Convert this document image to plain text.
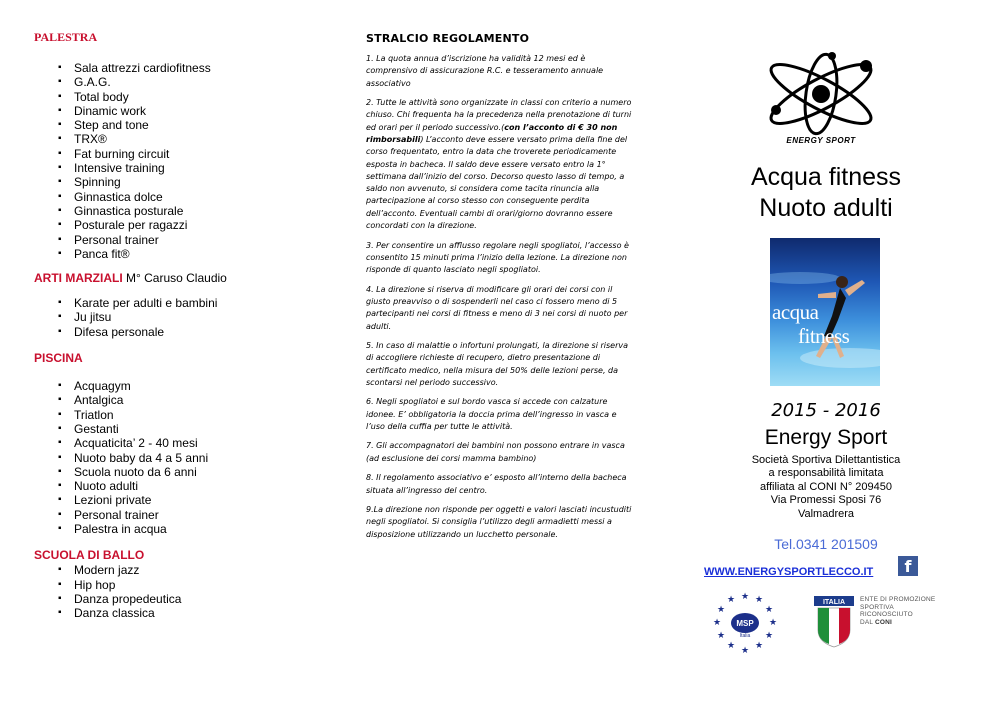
PALESTRA
▪ Sala attrezzi cardiofitness
▪ G.A.G.
▪ Total body
▪ Dinamic work
▪ Step and tone
▪ TRX®
▪ Fat burning circuit
▪ Intensive training
▪ Spinning
▪ Ginnastica dolce
▪ Ginnastica posturale
▪ Posturale per ragazzi
▪ Personal trainer
▪ Panca fit®
ARTI MARZIALI M° Caruso Claudio
▪ Karate per adulti e bambini
▪ Ju jitsu
▪ Difesa personale
PISCINA
▪ Acquagym
▪ Antalgica
▪ Triatlon
▪ Gestanti
▪ Acquaticita’ 2 - 40 mesi
▪ Nuoto baby da 4 a 5 anni
▪ Scuola nuoto da 6 anni
▪ Nuoto adulti
▪ Lezioni private
▪ Personal trainer
▪ Palestra in acqua
SCUOLA DI BALLO
▪ Modern jazz
▪ Hip hop
▪ Danza propedeutica
▪ Danza classica
STRALCIO REGOLAMENTO

1. La quota annua d’iscrizione ha validità 12 mesi ed è comprensivo di assicurazione R.C. e tesseramento annuale associativo

2. Tutte le attività sono organizzate in classi con criterio a numero chiuso. Chi frequenta ha la precedenza nella prenotazione di turni ed orari per il periodo successivo.(con l’acconto di € 30 non rimborsabili) L’acconto deve essere versato prima della fine del corso frequentato, entro la data che troverete periodicamente esposta in bacheca. Il saldo deve essere versato entro la 1° settimana dall’inizio del corso. Decorso questo lasso di tempo, a saldo non avvenuto, si considera come tacita rinuncia alla partecipazione al corso stesso con conseguente perdita dell’acconto. Eventuali cambi di orari/giorno dovranno essere concordati con la direzione.

3. Per consentire un afflusso regolare negli spogliatoi, l’accesso è consentito 15 minuti prima l’inizio della lezione. La direzione non risponde di quanto lasciato negli spogliatoi.

4. La direzione si riserva di modificare gli orari dei corsi con il giusto preavviso o di sospenderli nel caso ci fossero meno di 5 partecipanti nei corsi di fitness e meno di 3 nei corsi di nuoto per adulti.

5. In caso di malattie o infortuni prolungati, la direzione si riserva di accogliere richieste di recupero, dietro presentazione di certificato medico, nella misura del 50% delle lezioni perse, da scontarsi nel periodo successivo.

6. Negli spogliatoi e sul bordo vasca si accede con calzature idonee. E’ obbligatoria la doccia prima dell’ingresso in vasca e l’uso della cuffia per tutte le attività.

7. Gli accompagnatori dei bambini non possono entrare in vasca (ad esclusione dei corsi mamma bambino)

8. Il regolamento associativo e’ esposto all’interno della bacheca situata all’ingresso del centro.

9.La direzione non risponde per oggetti e valori lasciati incustuditi negli spogliatoi. Si consiglia l’utilizzo degli armadietti messi a disposizione utilizzando un lucchetto personale.

ENERGY SPORT
Acqua fitness
Nuoto adulti
acqua
fitness
2015 - 2016
Energy Sport
Società Sportiva Dilettantistica
a responsabilità limitata
affiliata al CONI N° 209450
Via Promessi Sposi 76
Valmadrera
Tel.0341 201509
WWW.ENERGYSPORTLECCO.IT	f
★ ★
★
★
★
★
★
★
★
★
★
★
MSP
Italia
ITALIA ENTE DI PROMOZIONE
SPORTIVA
RICONOSCIUTO
DAL CONI
